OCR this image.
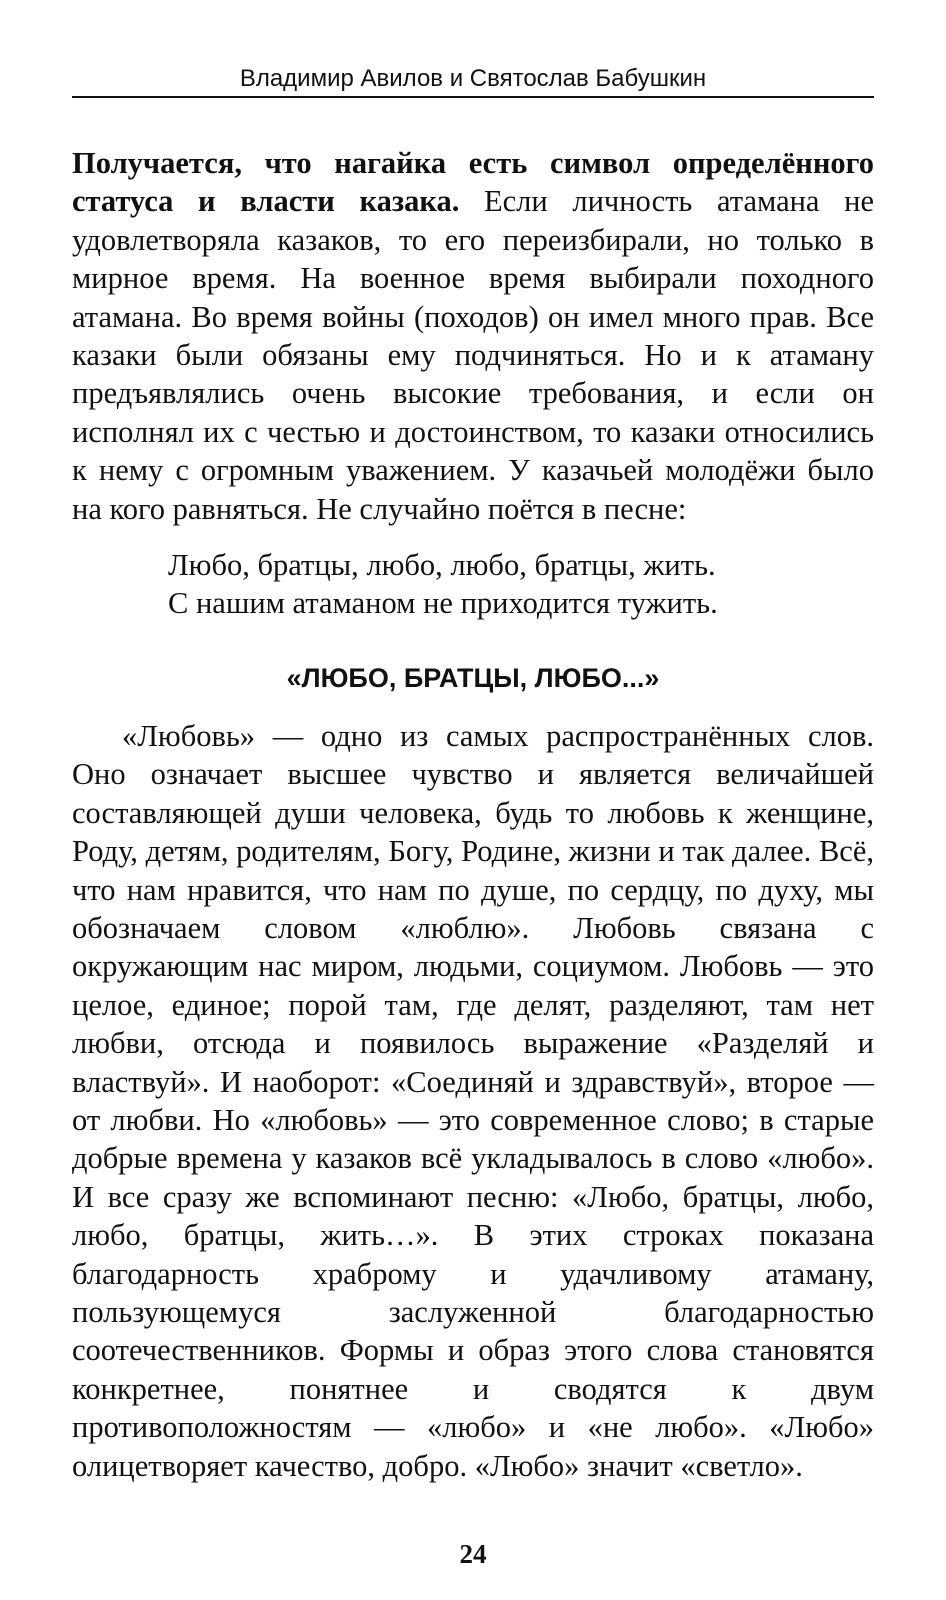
Владимир Авилов и Святослав Бабушкин

Получается, что нагайка есть символ определённого статуса и власти казака. Если личность атамана не удовлетворяла казаков, то его переизбирали, но только в мирное время. На военное время выбирали походного атамана. Во время войны (походов) он имел много прав. Все казаки были обязаны ему подчиняться. Но и к атаману предъявлялись очень высокие требования, и если он исполнял их с честью и достоинством, то казаки относились к нему с огромным уважением. У казачьей молодёжи было на кого равняться. Не случайно поётся в песне:

Любо, братцы, любо, любо, братцы, жить.
С нашим атаманом не приходится тужить.
«ЛЮБО, БРАТЦЫ, ЛЮБО...»

«Любовь» — одно из самых распространённых слов. Оно означает высшее чувство и является величайшей составляющей души человека, будь то любовь к женщине, Роду, детям, родителям, Богу, Родине, жизни и так далее. Всё, что нам нравится, что нам по душе, по сердцу, по духу, мы обозначаем словом «люблю». Любовь связана с окружающим нас миром, людьми, социумом. Любовь — это целое, единое; порой там, где делят, разделяют, там нет любви, отсюда и появилось выражение «Разделяй и властвуй». И наоборот: «Соединяй и здравствуй», второе — от любви. Но «любовь» — это современное слово; в старые добрые времена у казаков всё укладывалось в слово «любо». И все сразу же вспоминают песню: «Любо, братцы, любо, любо, братцы, жить…». В этих строках показана благодарность храброму и удачливому атаману, пользующемуся заслуженной благодарностью соотечественников. Формы и образ этого слова становятся конкретнее, понятнее и сводятся к двум противоположностям — «любо» и «не любо». «Любо» олицетворяет качество, добро. «Любо» значит «светло».

24
